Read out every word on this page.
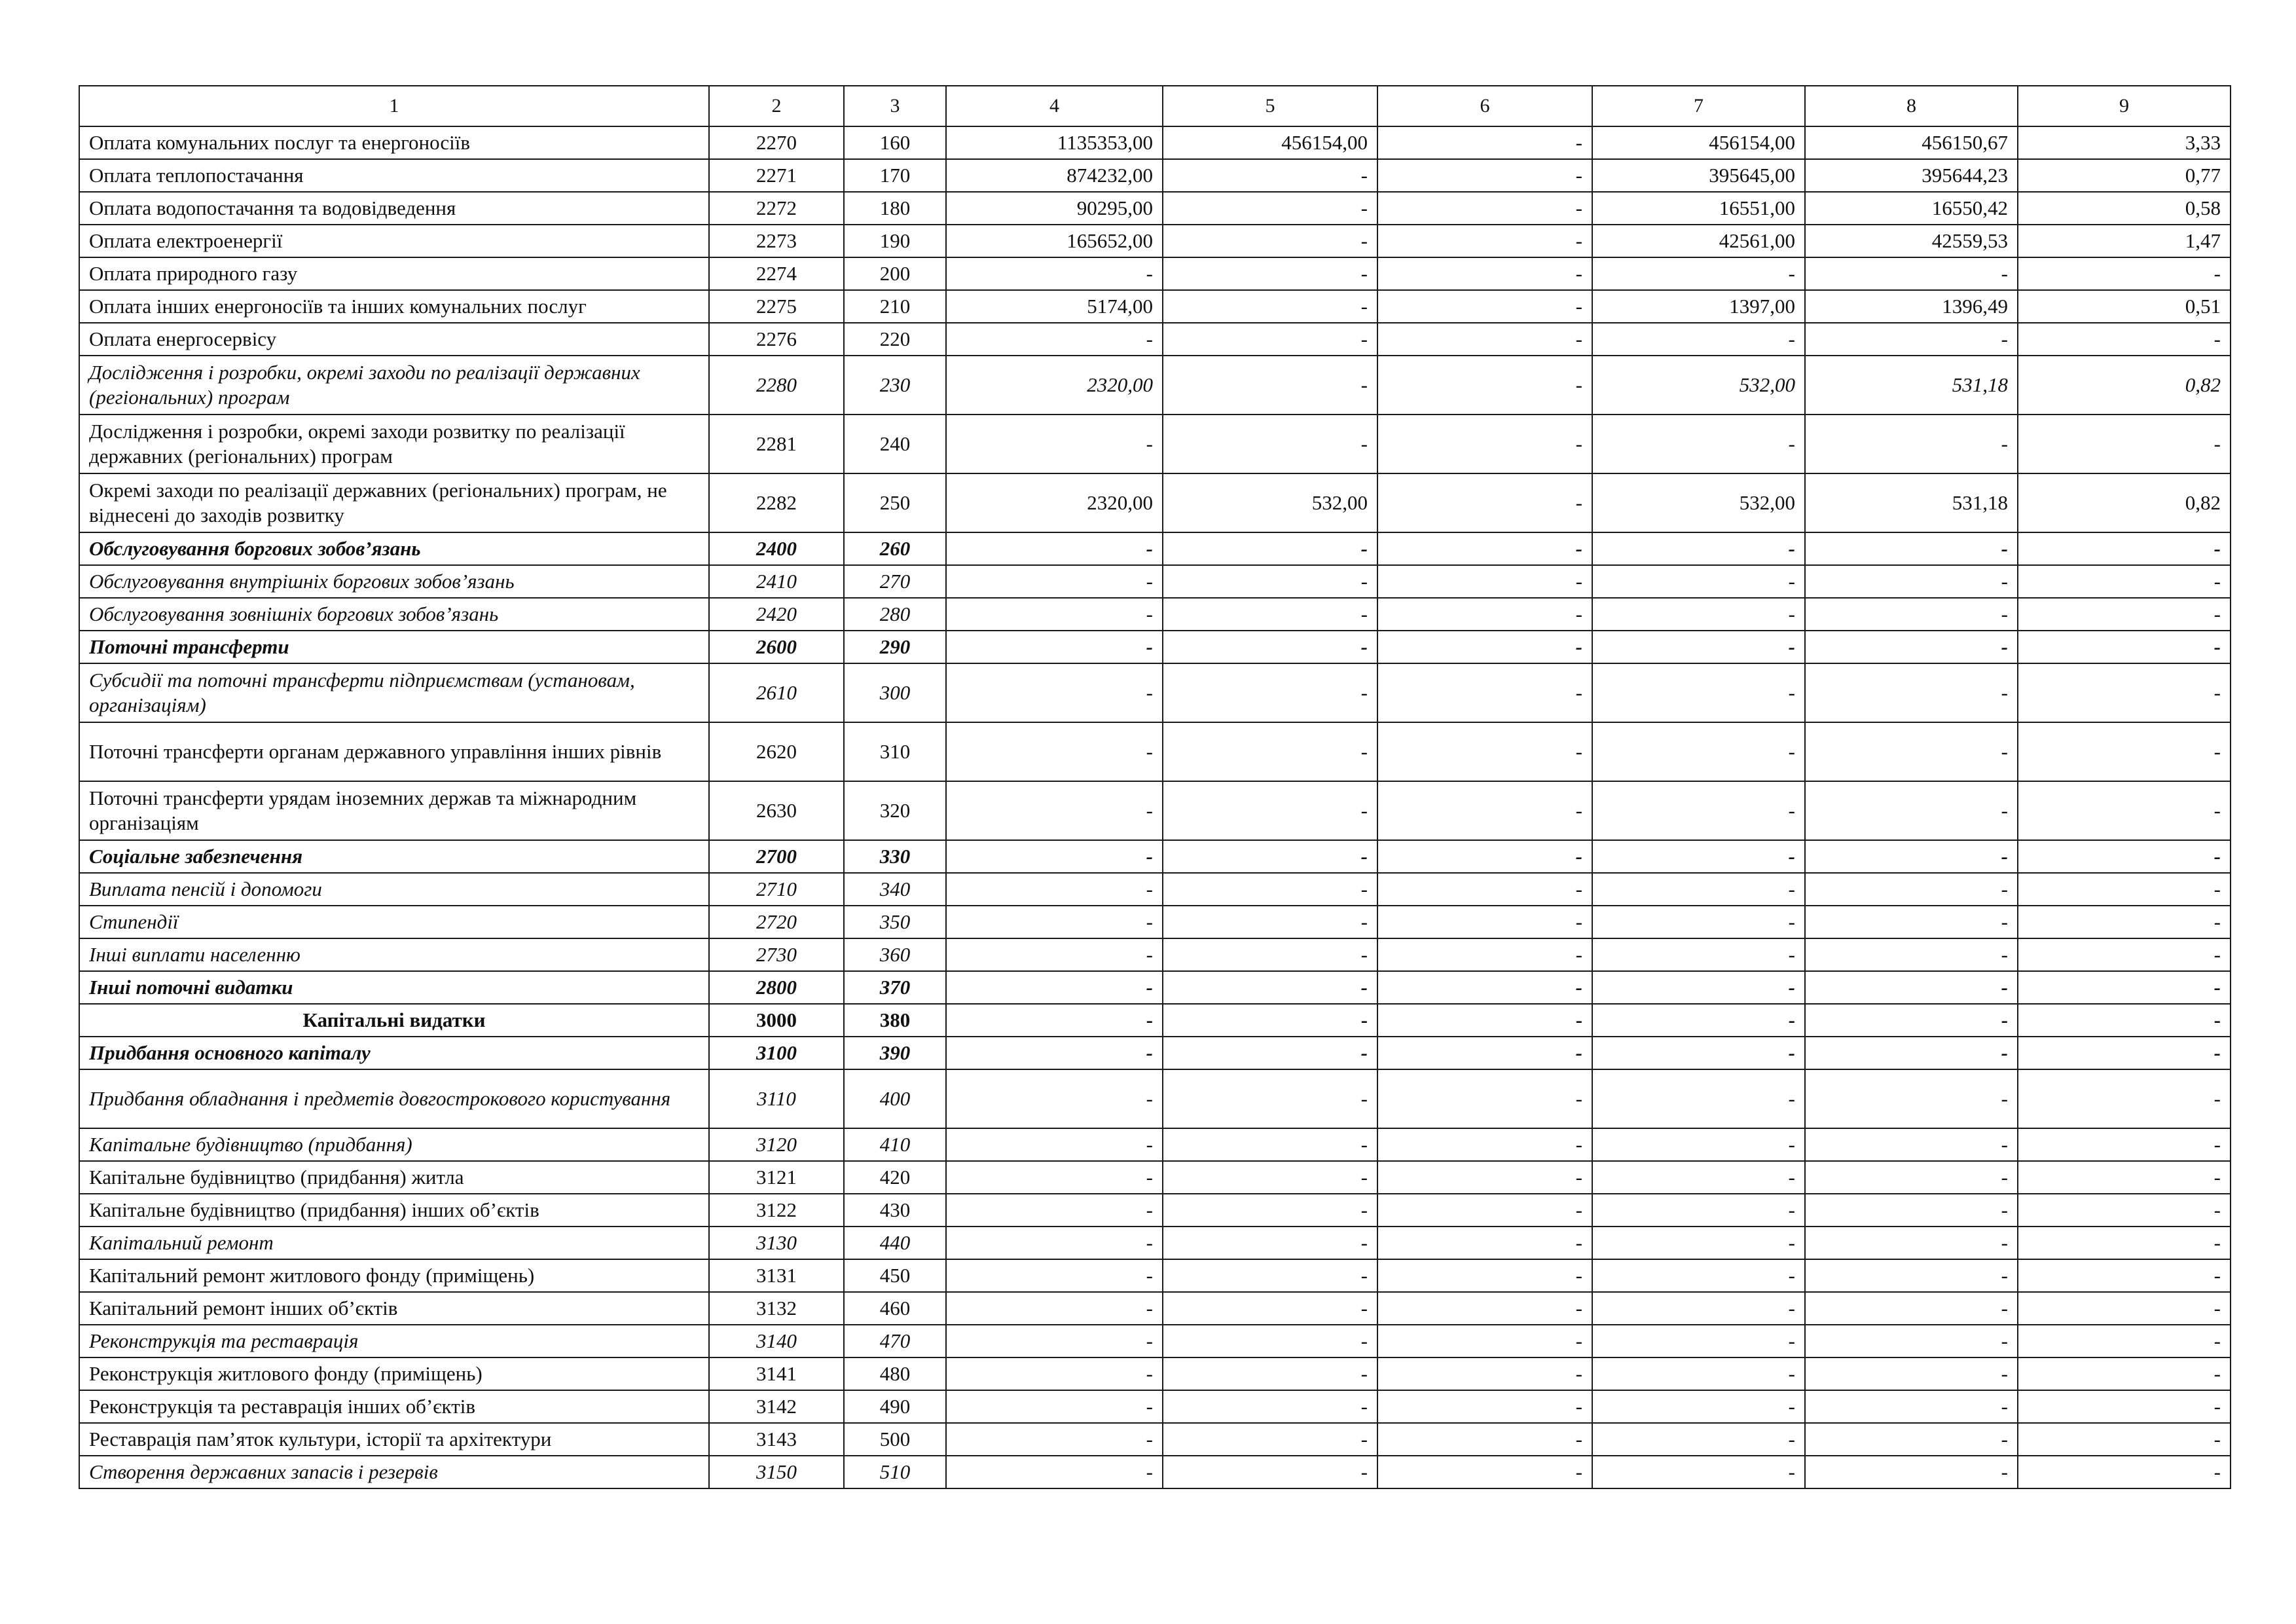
1	2	3	4	5	6	7	8	9
Оплата комунальних послуг та енергоносіїв	2270	160	1135353,00	456154,00	-	456154,00	456150,67	3,33
Оплата теплопостачання	2271	170	874232,00	-	-	395645,00	395644,23	0,77
Оплата водопостачання та водовідведення	2272	180	90295,00	-	-	16551,00	16550,42	0,58
Оплата електроенергії	2273	190	165652,00	-	-	42561,00	42559,53	1,47
Оплата природного газу	2274	200	-	-	-	-	-	-
Оплата інших енергоносіїв та інших комунальних послуг	2275	210	5174,00	-	-	1397,00	1396,49	0,51
Оплата енергосервісу	2276	220	-	-	-	-	-	-
Дослідження і розробки, окремі заходи по реалізації державних (регіональних) програм	2280	230	2320,00	-	-	532,00	531,18	0,82
Дослідження і розробки, окремі заходи розвитку по реалізації державних (регіональних) програм	2281	240	-	-	-	-	-	-
Окремі заходи по реалізації державних (регіональних) програм, не віднесені до заходів розвитку	2282	250	2320,00	532,00	-	532,00	531,18	0,82
Обслуговування боргових зобов’язань	2400	260	-	-	-	-	-	-
Обслуговування внутрішніх боргових зобов’язань	2410	270	-	-	-	-	-	-
Обслуговування зовнішніх боргових зобов’язань	2420	280	-	-	-	-	-	-
Поточні трансферти	2600	290	-	-	-	-	-	-
Субсидії та поточні трансферти підприємствам (установам, організаціям)	2610	300	-	-	-	-	-	-
Поточні трансферти органам державного управління інших рівнів	2620	310	-	-	-	-	-	-
Поточні трансферти урядам іноземних держав та міжнародним організаціям	2630	320	-	-	-	-	-	-
Соціальне забезпечення	2700	330	-	-	-	-	-	-
Виплата пенсій і допомоги	2710	340	-	-	-	-	-	-
Стипендії	2720	350	-	-	-	-	-	-
Інші виплати населенню	2730	360	-	-	-	-	-	-
Інші поточні видатки	2800	370	-	-	-	-	-	-
Капітальні видатки	3000	380	-	-	-	-	-	-
Придбання основного капіталу	3100	390	-	-	-	-	-	-
Придбання обладнання і предметів довгострокового користування	3110	400	-	-	-	-	-	-
Капітальне будівництво (придбання)	3120	410	-	-	-	-	-	-
Капітальне будівництво (придбання) житла	3121	420	-	-	-	-	-	-
Капітальне будівництво (придбання) інших об’єктів	3122	430	-	-	-	-	-	-
Капітальний ремонт	3130	440	-	-	-	-	-	-
Капітальний ремонт житлового фонду (приміщень)	3131	450	-	-	-	-	-	-
Капітальний ремонт інших об’єктів	3132	460	-	-	-	-	-	-
Реконструкція та реставрація	3140	470	-	-	-	-	-	-
Реконструкція житлового фонду (приміщень)	3141	480	-	-	-	-	-	-
Реконструкція та реставрація інших об’єктів	3142	490	-	-	-	-	-	-
Реставрація пам’яток культури, історії та архітектури	3143	500	-	-	-	-	-	-
Створення державних запасів і резервів	3150	510	-	-	-	-	-	-
